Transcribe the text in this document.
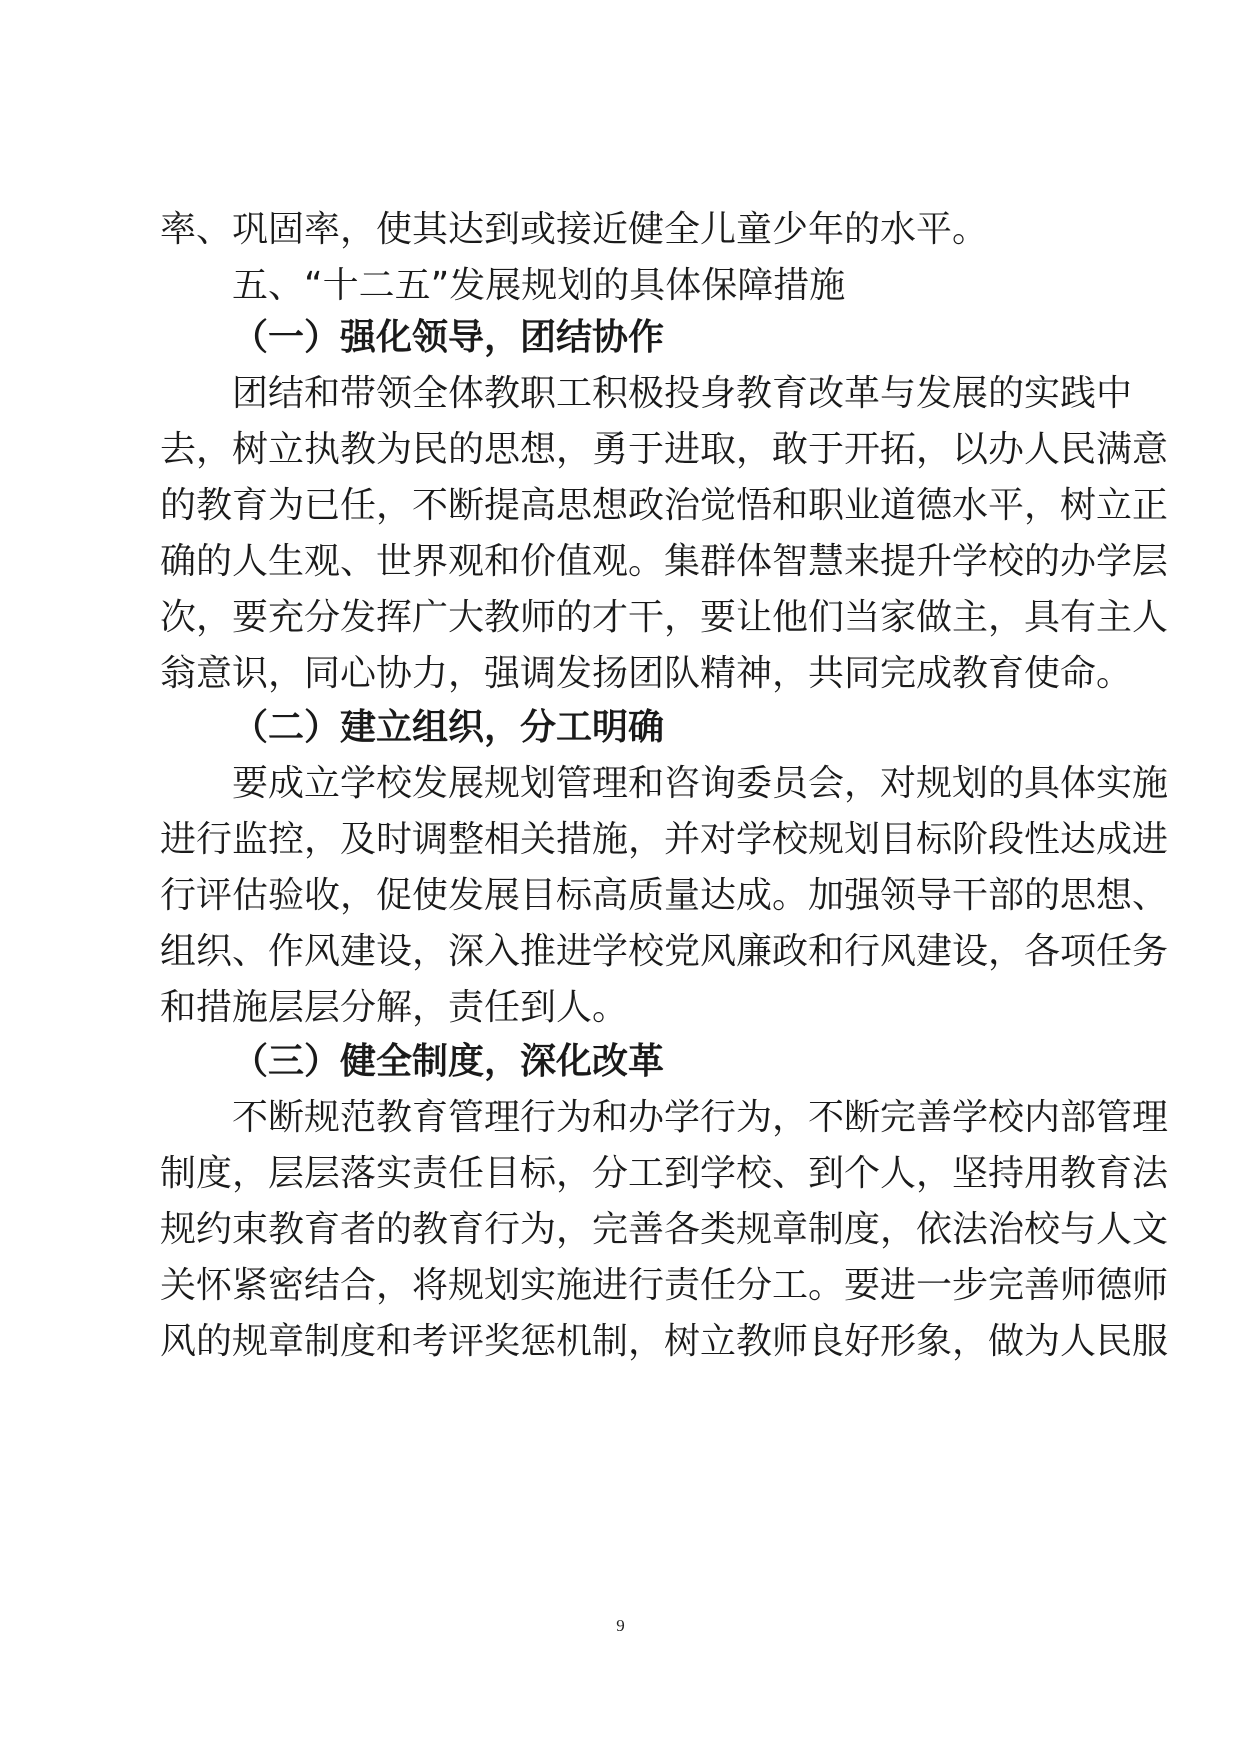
率、巩固率，使其达到或接近健全儿童少年的水平。
五、“十二五”发展规划的具体保障措施
（一）强化领导，团结协作
团结和带领全体教职工积极投身教育改革与发展的实践中
去，树立执教为民的思想，勇于进取，敢于开拓，以办人民满意
的教育为已任，不断提高思想政治觉悟和职业道德水平，树立正
确的人生观、世界观和价值观。集群体智慧来提升学校的办学层
次，要充分发挥广大教师的才干，要让他们当家做主，具有主人
翁意识，同心协力，强调发扬团队精神，共同完成教育使命。
（二）建立组织，分工明确
要成立学校发展规划管理和咨询委员会，对规划的具体实施
进行监控，及时调整相关措施，并对学校规划目标阶段性达成进
行评估验收，促使发展目标高质量达成。加强领导干部的思想、
组织、作风建设，深入推进学校党风廉政和行风建设，各项任务
和措施层层分解，责任到人。
（三）健全制度，深化改革
不断规范教育管理行为和办学行为，不断完善学校内部管理
制度，层层落实责任目标，分工到学校、到个人，坚持用教育法
规约束教育者的教育行为，完善各类规章制度，依法治校与人文
关怀紧密结合，将规划实施进行责任分工。要进一步完善师德师
风的规章制度和考评奖惩机制，树立教师良好形象，做为人民服
9
